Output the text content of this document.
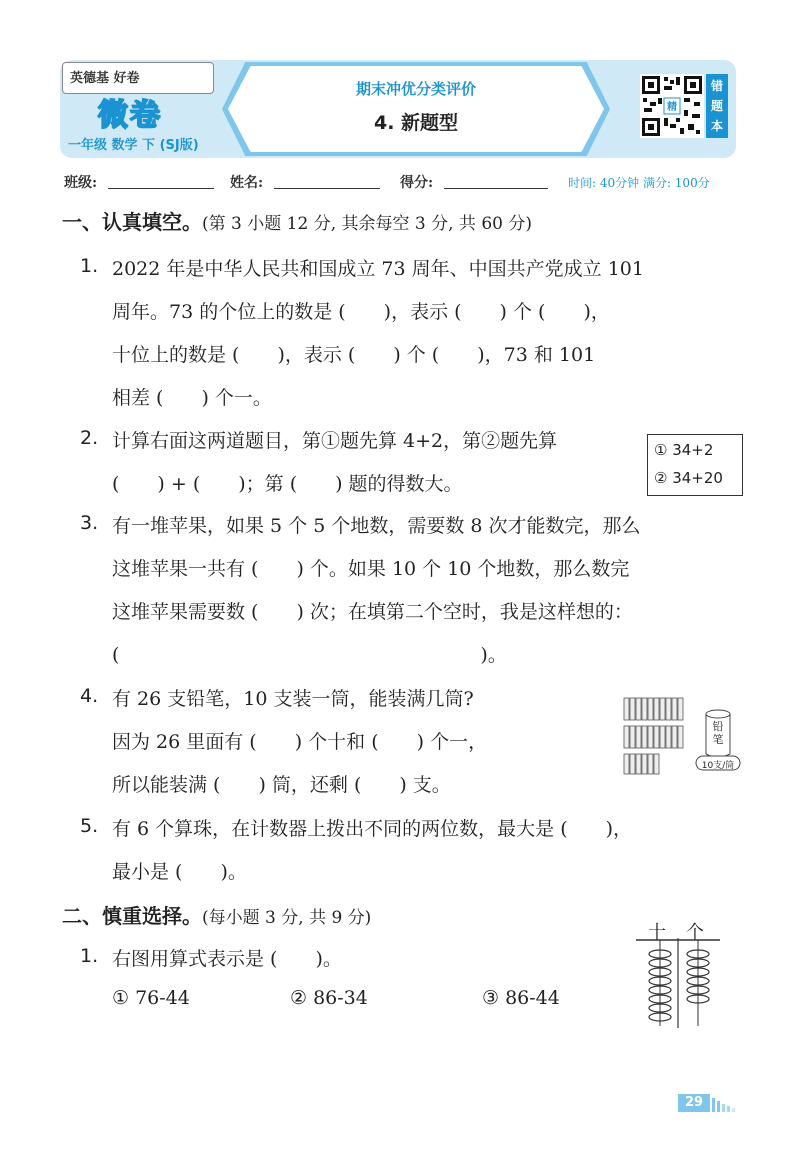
英德基 好卷
微卷
一年级 数学 下 (SJ版)
期末冲优分类评价
4. 新题型
精
错
题
本
班级:	姓名:	得分:	时间: 40分钟 满分: 100分
一、认真填空。(第 3 小题 12 分, 其余每空 3 分, 共 60 分)
1. 2022 年是中华人民共和国成立 73 周年、中国共产党成立 101
周年。73 的个位上的数是 (　　)，表示 (　　) 个 (　　)，
十位上的数是 (　　)，表示 (　　) 个 (　　)，73 和 101
相差 (　　) 个一。
2. 计算右面这两道题目，第①题先算 4+2，第②题先算
(　　) + (　　)；第 (　　) 题的得数大。
① 34+2
② 34+20
3. 有一堆苹果，如果 5 个 5 个地数，需要数 8 次才能数完，那么
这堆苹果一共有 (　　) 个。如果 10 个 10 个地数，那么数完
这堆苹果需要数 (　　) 次；在填第二个空时，我是这样想的：
(　　　　　　　　　　　　　　　　　　　)。
4. 有 26 支铅笔，10 支装一筒，能装满几筒?
因为 26 里面有 (　　) 个十和 (　　) 个一，
所以能装满 (　　) 筒，还剩 (　　) 支。
铅
笔
10支/筒
5. 有 6 个算珠，在计数器上拨出不同的两位数，最大是 (　　)，
最小是 (　　)。
二、慎重选择。(每小题 3 分, 共 9 分)
1. 右图用算式表示是 (　　)。
① 76-44	② 86-34	③ 86-44
十 个
29
